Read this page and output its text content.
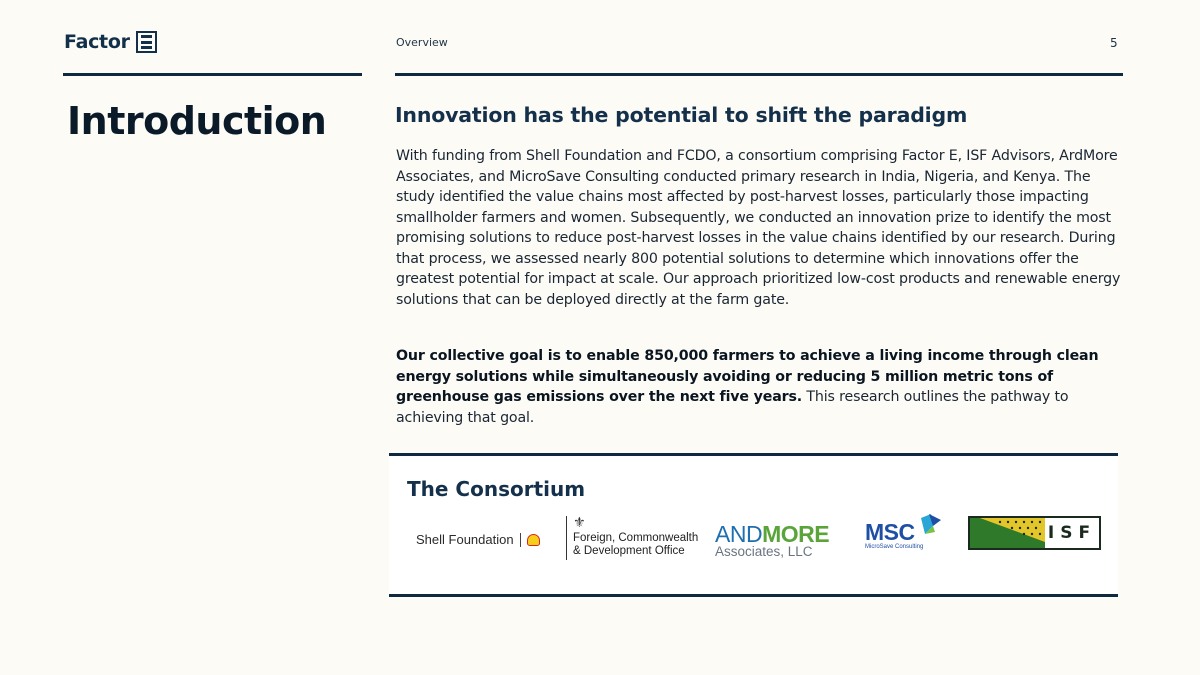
Factor	Overview	5
Introduction	Innovation has the potential to shift the paradigm

With funding from Shell Foundation and FCDO, a consortium comprising Factor E, ISF Advisors, ArdMore Associates, and MicroSave Consulting conducted primary research in India, Nigeria, and Kenya. The study identified the value chains most affected by post-harvest losses, particularly those impacting smallholder farmers and women. Subsequently, we conducted an innovation prize to identify the most promising solutions to reduce post-harvest losses in the value chains identified by our research. During that process, we assessed nearly 800 potential solutions to determine which innovations offer the greatest potential for impact at scale. Our approach prioritized low-cost products and renewable energy solutions that can be deployed directly at the farm gate.

Our collective goal is to enable 850,000 farmers to achieve a living income through clean energy solutions while simultaneously avoiding or reducing 5 million metric tons of greenhouse gas emissions over the next five years. This research outlines the pathway to achieving that goal.

The Consortium
Shell Foundation
⚜
Foreign, Commonwealth
& Development Office
ANDMORE
Associates, LLC
MSC
MicroSave Consulting
ISF
